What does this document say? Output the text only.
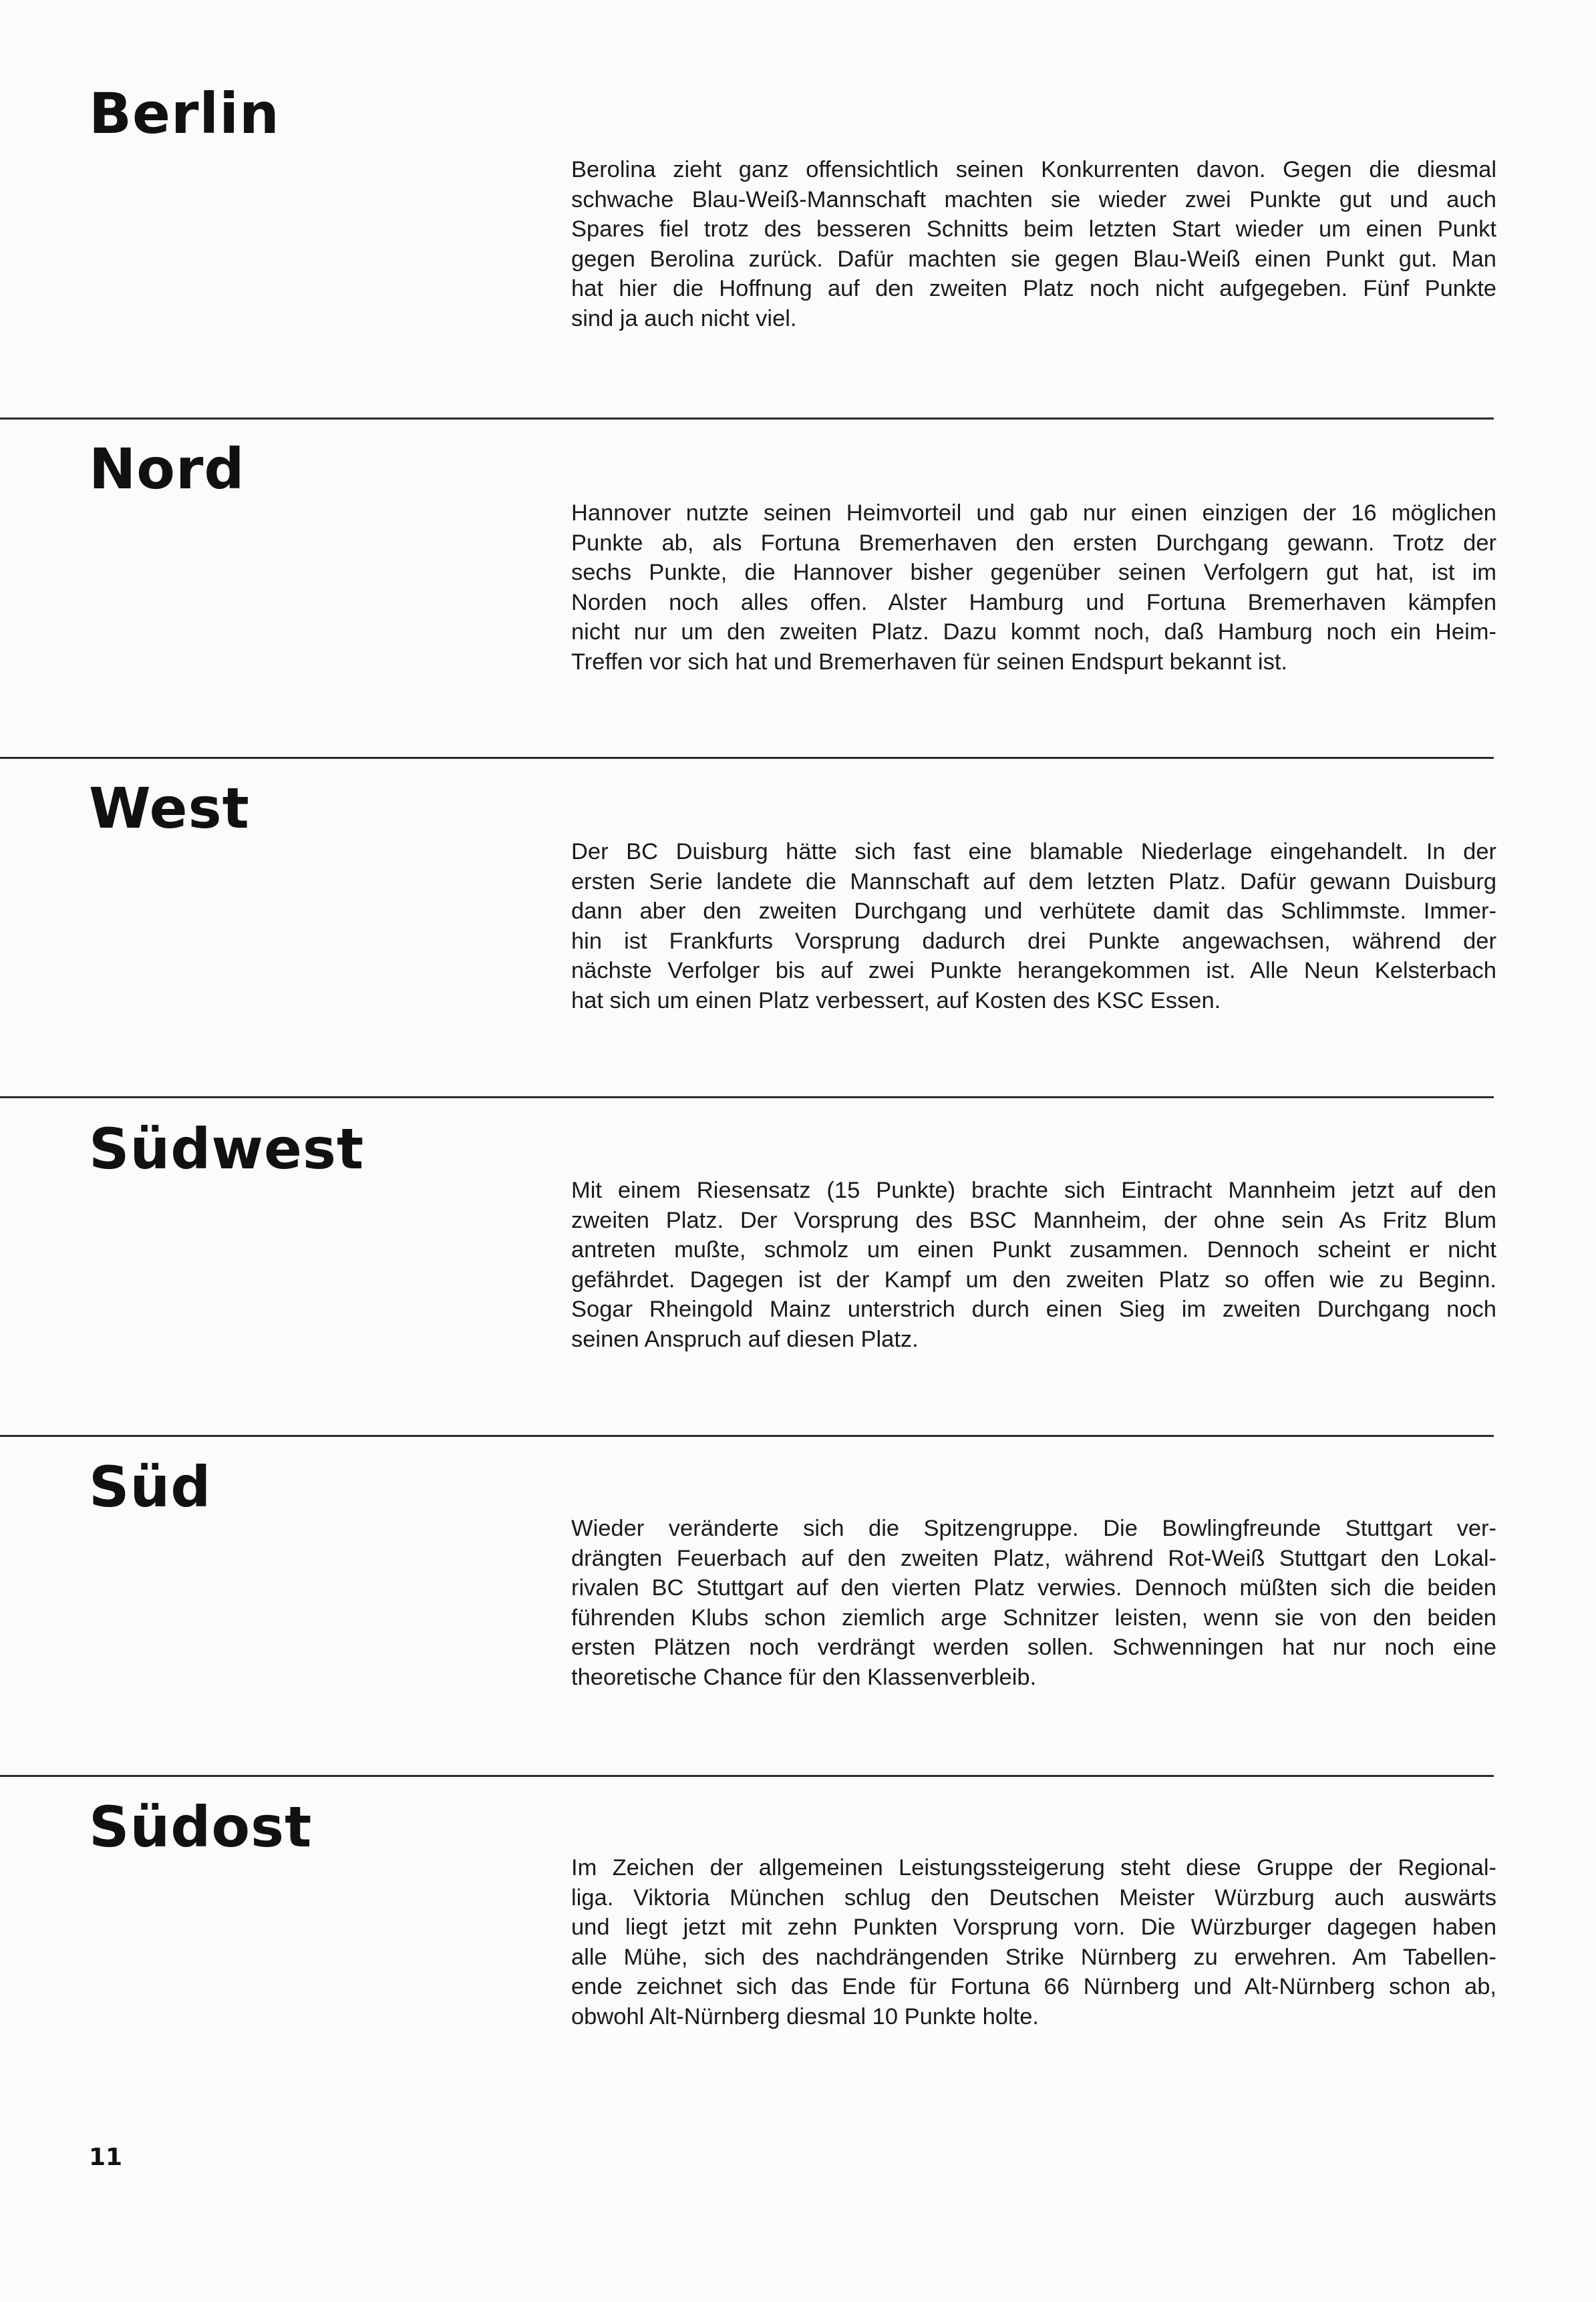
Berlin
Berolina zieht ganz offensichtlich seinen Konkurrenten davon. Gegen die diesmal
schwache Blau-Weiß-Mannschaft machten sie wieder zwei Punkte gut und auch
Spares fiel trotz des besseren Schnitts beim letzten Start wieder um einen Punkt
gegen Berolina zurück. Dafür machten sie gegen Blau-Weiß einen Punkt gut. Man
hat hier die Hoffnung auf den zweiten Platz noch nicht aufgegeben. Fünf Punkte
sind ja auch nicht viel.
Nord
Hannover nutzte seinen Heimvorteil und gab nur einen einzigen der 16 möglichen
Punkte ab, als Fortuna Bremerhaven den ersten Durchgang gewann. Trotz der
sechs Punkte, die Hannover bisher gegenüber seinen Verfolgern gut hat, ist im
Norden noch alles offen. Alster Hamburg und Fortuna Bremerhaven kämpfen
nicht nur um den zweiten Platz. Dazu kommt noch, daß Hamburg noch ein Heim-
Treffen vor sich hat und Bremerhaven für seinen Endspurt bekannt ist.
West
Der BC Duisburg hätte sich fast eine blamable Niederlage eingehandelt. In der
ersten Serie landete die Mannschaft auf dem letzten Platz. Dafür gewann Duisburg
dann aber den zweiten Durchgang und verhütete damit das Schlimmste. Immer-
hin ist Frankfurts Vorsprung dadurch drei Punkte angewachsen, während der
nächste Verfolger bis auf zwei Punkte herangekommen ist. Alle Neun Kelsterbach
hat sich um einen Platz verbessert, auf Kosten des KSC Essen.
Südwest
Mit einem Riesensatz (15 Punkte) brachte sich Eintracht Mannheim jetzt auf den
zweiten Platz. Der Vorsprung des BSC Mannheim, der ohne sein As Fritz Blum
antreten mußte, schmolz um einen Punkt zusammen. Dennoch scheint er nicht
gefährdet. Dagegen ist der Kampf um den zweiten Platz so offen wie zu Beginn.
Sogar Rheingold Mainz unterstrich durch einen Sieg im zweiten Durchgang noch
seinen Anspruch auf diesen Platz.
Süd
Wieder veränderte sich die Spitzengruppe. Die Bowlingfreunde Stuttgart ver-
drängten Feuerbach auf den zweiten Platz, während Rot-Weiß Stuttgart den Lokal-
rivalen BC Stuttgart auf den vierten Platz verwies. Dennoch müßten sich die beiden
führenden Klubs schon ziemlich arge Schnitzer leisten, wenn sie von den beiden
ersten Plätzen noch verdrängt werden sollen. Schwenningen hat nur noch eine
theoretische Chance für den Klassenverbleib.
Südost
Im Zeichen der allgemeinen Leistungssteigerung steht diese Gruppe der Regional-
liga. Viktoria München schlug den Deutschen Meister Würzburg auch auswärts
und liegt jetzt mit zehn Punkten Vorsprung vorn. Die Würzburger dagegen haben
alle Mühe, sich des nachdrängenden Strike Nürnberg zu erwehren. Am Tabellen-
ende zeichnet sich das Ende für Fortuna 66 Nürnberg und Alt-Nürnberg schon ab,
obwohl Alt-Nürnberg diesmal 10 Punkte holte.
11
